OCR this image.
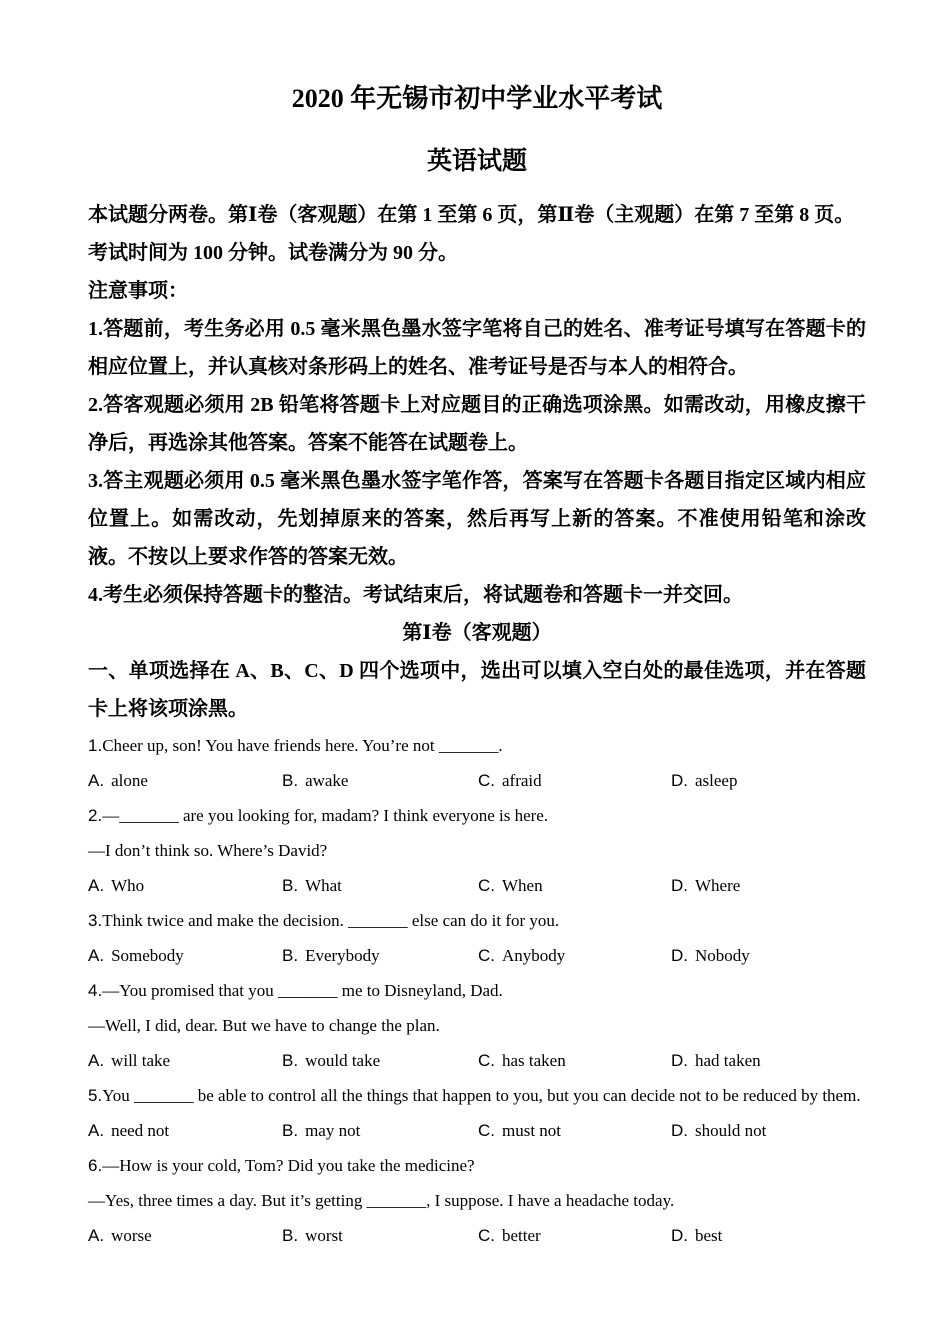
2020 年无锡市初中学业水平考试
英语试题

本试题分两卷。第Ⅰ卷（客观题）在第 1 至第 6 页，第Ⅱ卷（主观题）在第 7 至第 8 页。

考试时间为 100 分钟。试卷满分为 90 分。

注意事项：

1.答题前，考生务必用 0.5 毫米黑色墨水签字笔将自己的姓名、准考证号填写在答题卡的相应位置上，并认真核对条形码上的姓名、准考证号是否与本人的相符合。

2.答客观题必须用 2B 铅笔将答题卡上对应题目的正确选项涂黑。如需改动，用橡皮擦干净后，再选涂其他答案。答案不能答在试题卷上。

3.答主观题必须用 0.5 毫米黑色墨水签字笔作答，答案写在答题卡各题目指定区域内相应位置上。如需改动，先划掉原来的答案，然后再写上新的答案。不准使用铅笔和涂改液。不按以上要求作答的答案无效。

4.考生必须保持答题卡的整洁。考试结束后，将试题卷和答题卡一并交回。

第Ⅰ卷（客观题）

一、单项选择在 A、B、C、D 四个选项中，选出可以填入空白处的最佳选项，并在答题卡上将该项涂黑。

1.Cheer up, son! You have friends here. You’re not _______.

A. alone	B. awake	C. afraid	D. asleep

2.—_______ are you looking for, madam? I think everyone is here.

—I don’t think so. Where’s David?

A. Who	B. What	C. When	D. Where

3.Think twice and make the decision. _______ else can do it for you.

A. Somebody	B. Everybody	C. Anybody	D. Nobody

4.—You promised that you _______ me to Disneyland, Dad.

—Well, I did, dear. But we have to change the plan.

A. will take	B. would take	C. has taken	D. had taken

5.You _______ be able to control all the things that happen to you, but you can decide not to be reduced by them.

A. need not	B. may not	C. must not	D. should not

6.—How is your cold, Tom? Did you take the medicine?

—Yes, three times a day. But it’s getting _______, I suppose. I have a headache today.

A. worse	B. worst	C. better	D. best
